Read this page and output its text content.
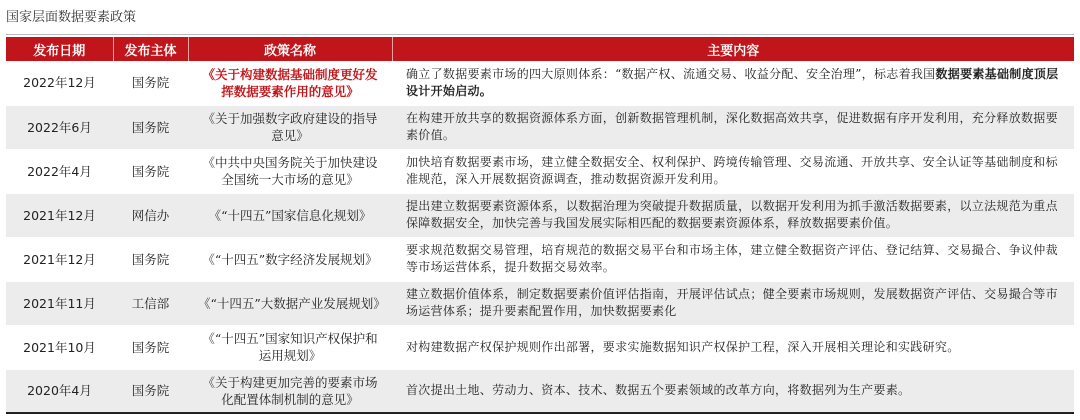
国家层面数据要素政策
发布日期	发布主体	政策名称	主要内容
2022年12月	国务院	《关于构建数据基础制度更好发挥数据要素作用的意见》	确立了数据要素市场的四大原则体系：“数据产权、流通交易、收益分配、安全治理”，标志着我国数据要素基础制度顶层设计开始启动。
2022年6月	国务院	《关于加强数字政府建设的指导意见》	在构建开放共享的数据资源体系方面，创新数据管理机制，深化数据高效共享，促进数据有序开发利用，充分释放数据要素价值。
2022年4月	国务院	《中共中央国务院关于加快建设全国统一大市场的意见》	加快培育数据要素市场，建立健全数据安全、权利保护、跨境传输管理、交易流通、开放共享、安全认证等基础制度和标准规范，深入开展数据资源调查，推动数据资源开发利用。
2021年12月	网信办	《“十四五”国家信息化规划》	提出建立数据要素资源体系，以数据治理为突破提升数据质量，以数据开发利用为抓手激活数据要素，以立法规范为重点保障数据安全，加快完善与我国发展实际相匹配的数据要素资源体系，释放数据要素价值。
2021年12月	国务院	《“十四五”数字经济发展规划》	要求规范数据交易管理，培育规范的数据交易平台和市场主体，建立健全数据资产评估、登记结算、交易撮合、争议仲裁等市场运营体系，提升数据交易效率。
2021年11月	工信部	《“十四五”大数据产业发展规划》	建立数据价值体系，制定数据要素价值评估指南，开展评估试点；健全要素市场规则，发展数据资产评估、交易撮合等市场运营体系；提升要素配置作用，加快数据要素化
2021年10月	国务院	《“十四五”国家知识产权保护和运用规划》	对构建数据产权保护规则作出部署，要求实施数据知识产权保护工程，深入开展相关理论和实践研究。
2020年4月	国务院	《关于构建更加完善的要素市场化配置体制机制的意见》	首次提出土地、劳动力、资本、技术、数据五个要素领域的改革方向，将数据列为生产要素。
